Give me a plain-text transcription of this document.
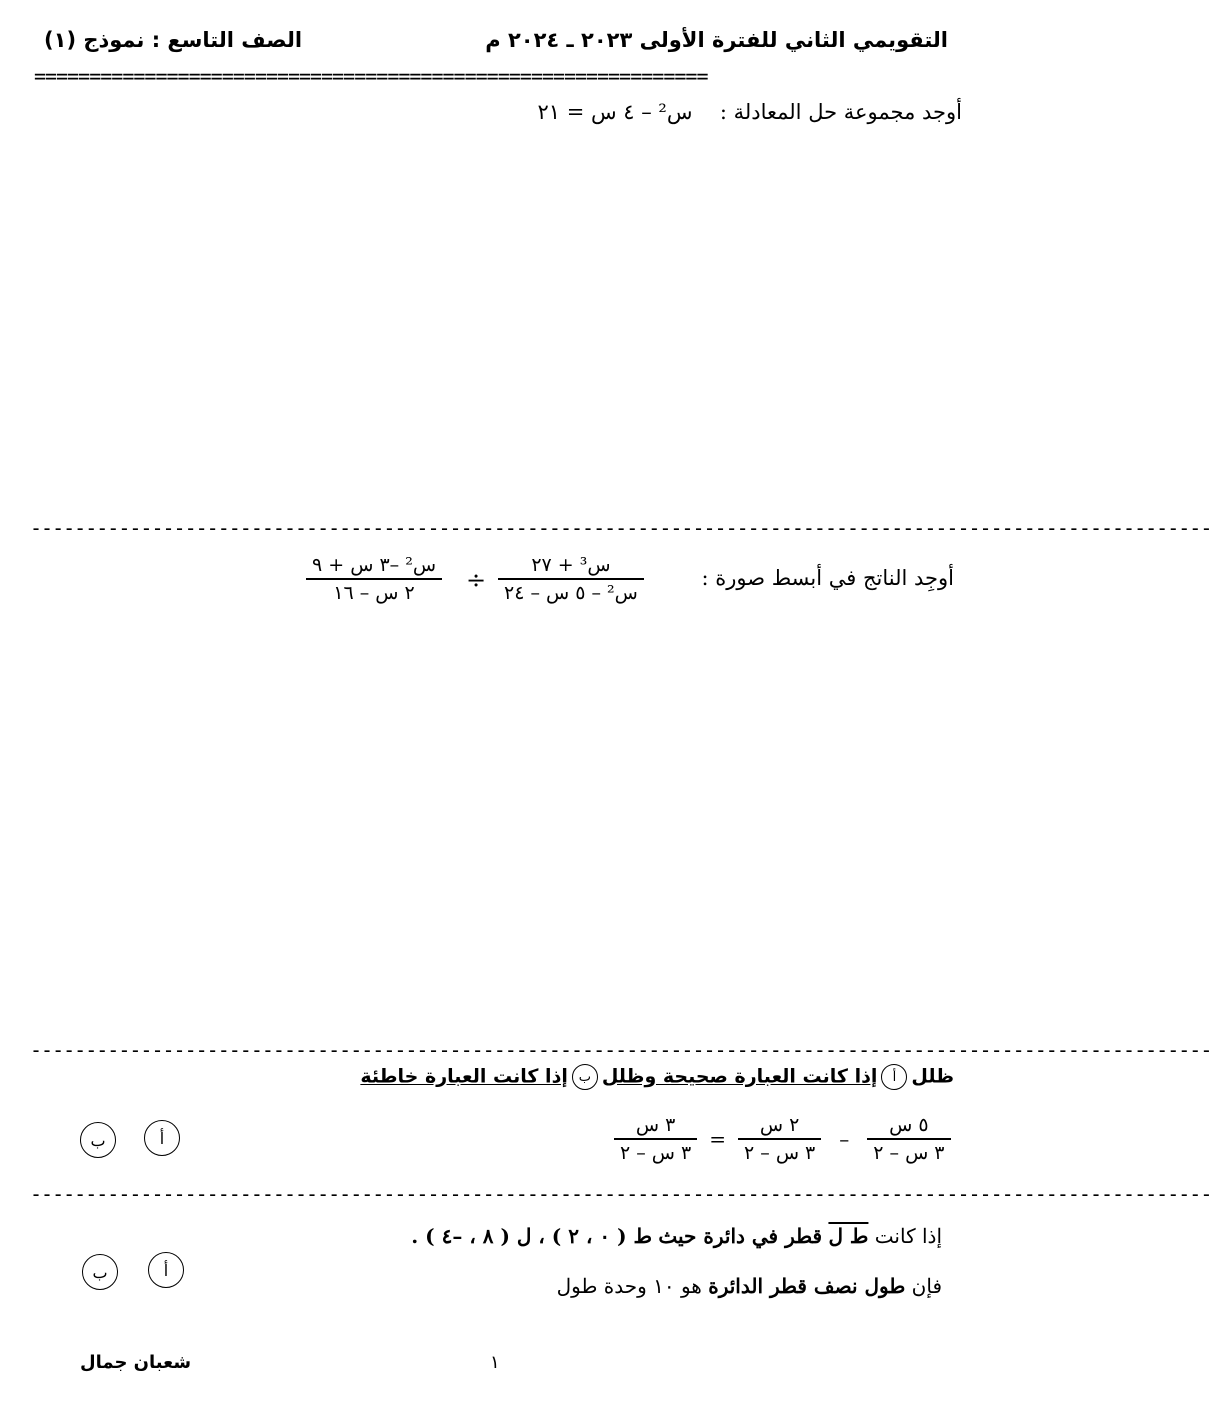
التقويمي الثاني للفترة الأولى ٢٠٢٣ ـ ٢٠٢٤ م
الصف التاسع : نموذج (١)
=============================================================
أوجد مجموعة حل المعادلة :  س² – ٤ س = ٢١
-----------------------------------------------------------------------------------------------------------
أوجِد الناتج في أبسط صورة :
$\frac{\text{س³ + ٢٧}}{\text{س² – ٥ س – ٢٤}}$
÷
$\frac{\text{س² –٣ س + ٩}}{\text{٢ س – ١٦}}$
-----------------------------------------------------------------------------------------------------------
ظللأإذا كانت العبارة صحيحة وظللبإذا كانت العبارة خاطئة
$\frac{\text{٣ س}}{\text{٣ س – ٢}} = \frac{\text{٢ س}}{\text{٣ س – ٢}} - \frac{\text{٥ س}}{\text{٣ س – ٢}}$
أ
ب
-----------------------------------------------------------------------------------------------------------
إذا كانت ط ل قطر في دائرة حيث ط ( ٠ ، ٢ ) ، ل ( ٨ ، –٤ ) .
فإن طول نصف قطر الدائرة هو ١٠ وحدة طول
أ
ب
١
شعبان جمال
